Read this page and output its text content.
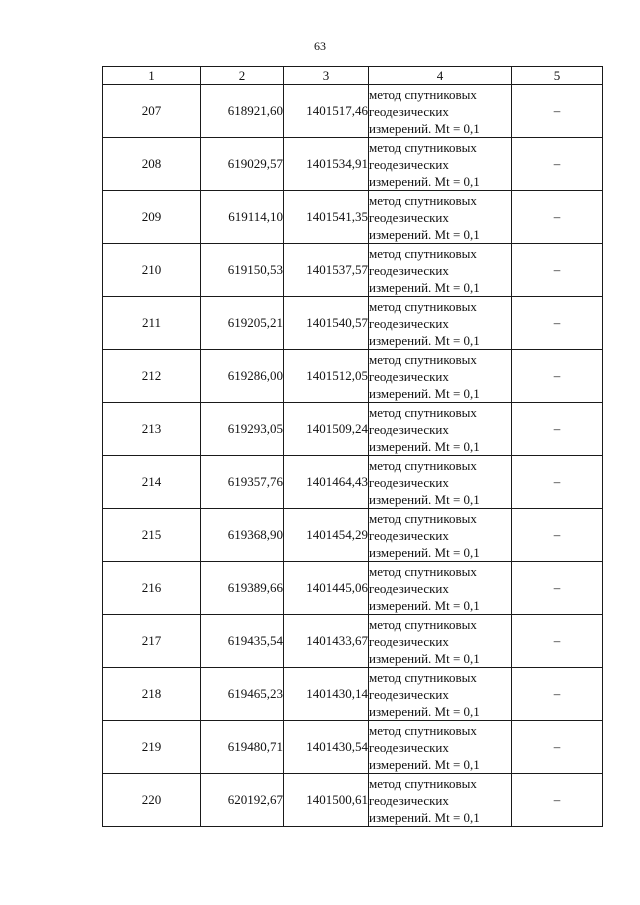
63
1	2	3	4	5
207	618921,60	1401517,46	метод спутниковых
геодезических
измерений. Mt = 0,1	–
208	619029,57	1401534,91	метод спутниковых
геодезических
измерений. Mt = 0,1	–
209	619114,10	1401541,35	метод спутниковых
геодезических
измерений. Mt = 0,1	–
210	619150,53	1401537,57	метод спутниковых
геодезических
измерений. Mt = 0,1	–
211	619205,21	1401540,57	метод спутниковых
геодезических
измерений. Mt = 0,1	–
212	619286,00	1401512,05	метод спутниковых
геодезических
измерений. Mt = 0,1	–
213	619293,05	1401509,24	метод спутниковых
геодезических
измерений. Mt = 0,1	–
214	619357,76	1401464,43	метод спутниковых
геодезических
измерений. Mt = 0,1	–
215	619368,90	1401454,29	метод спутниковых
геодезических
измерений. Mt = 0,1	–
216	619389,66	1401445,06	метод спутниковых
геодезических
измерений. Mt = 0,1	–
217	619435,54	1401433,67	метод спутниковых
геодезических
измерений. Mt = 0,1	–
218	619465,23	1401430,14	метод спутниковых
геодезических
измерений. Mt = 0,1	–
219	619480,71	1401430,54	метод спутниковых
геодезических
измерений. Mt = 0,1	–
220	620192,67	1401500,61	метод спутниковых
геодезических
измерений. Mt = 0,1	–
